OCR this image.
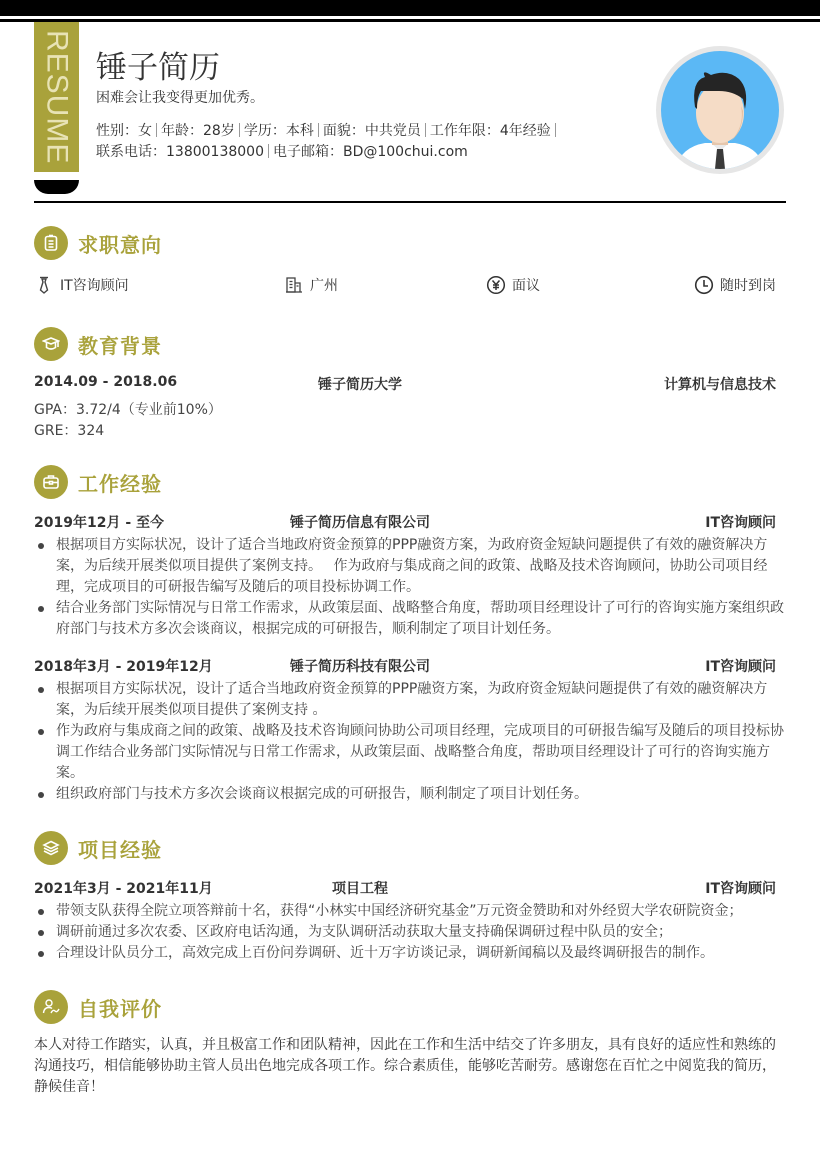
RESUME 锤子简历
困难会让我变得更加优秀。
性别：女 年龄：28岁 学历：本科 面貌：中共党员 工作年限：4年经验
联系电话：13800138000 电子邮箱：BD@100chui.com
求职意向
IT咨询顾问	广州	面议	随时到岗
教育背景
2014.09 - 2018.06	锤子简历大学	计算机与信息技术
GPA：3.72/4（专业前10%）
GRE：324
工作经验
2019年12月 - 至今	锤子简历信息有限公司	IT咨询顾问
根据项目方实际状况，设计了适合当地政府资金预算的PPP融资方案，为政府资金短缺问题提供了有效的融资解决方案，为后续开展类似项目提供了案例支持。　 作为政府与集成商之间的政策、战略及技术咨询顾问，协助公司项目经理，完成项目的可研报告编写及随后的项目投标协调工作。
结合业务部门实际情况与日常工作需求，从政策层面、战略整合角度，帮助项目经理设计了可行的咨询实施方案组织政府部门与技术方多次会谈商议，根据完成的可研报告，顺利制定了项目计划任务。
2018年3月 - 2019年12月	锤子简历科技有限公司	IT咨询顾问
根据项目方实际状况，设计了适合当地政府资金预算的PPP融资方案，为政府资金短缺问题提供了有效的融资解决方案，为后续开展类似项目提供了案例支持 。
作为政府与集成商之间的政策、战略及技术咨询顾问协助公司项目经理，完成项目的可研报告编写及随后的项目投标协调工作结合业务部门实际情况与日常工作需求，从政策层面、战略整合角度，帮助项目经理设计了可行的咨询实施方案。
组织政府部门与技术方多次会谈商议根据完成的可研报告，顺利制定了项目计划任务。
项目经验
2021年3月 - 2021年11月	项目工程	IT咨询顾问
带领支队获得全院立项答辩前十名，获得“小林实中国经济研究基金”万元资金赞助和对外经贸大学农研院资金；
调研前通过多次农委、区政府电话沟通，为支队调研活动获取大量支持确保调研过程中队员的安全；
合理设计队员分工，高效完成上百份问券调研、近十万字访谈记录，调研新闻稿以及最终调研报告的制作。
自我评价
本人对待工作踏实，认真，并且极富工作和团队精神，因此在工作和生活中结交了许多朋友，具有良好的适应性和熟练的沟通技巧，相信能够协助主管人员出色地完成各项工作。综合素质佳，能够吃苦耐劳。感谢您在百忙之中阅览我的简历，静候佳音！
